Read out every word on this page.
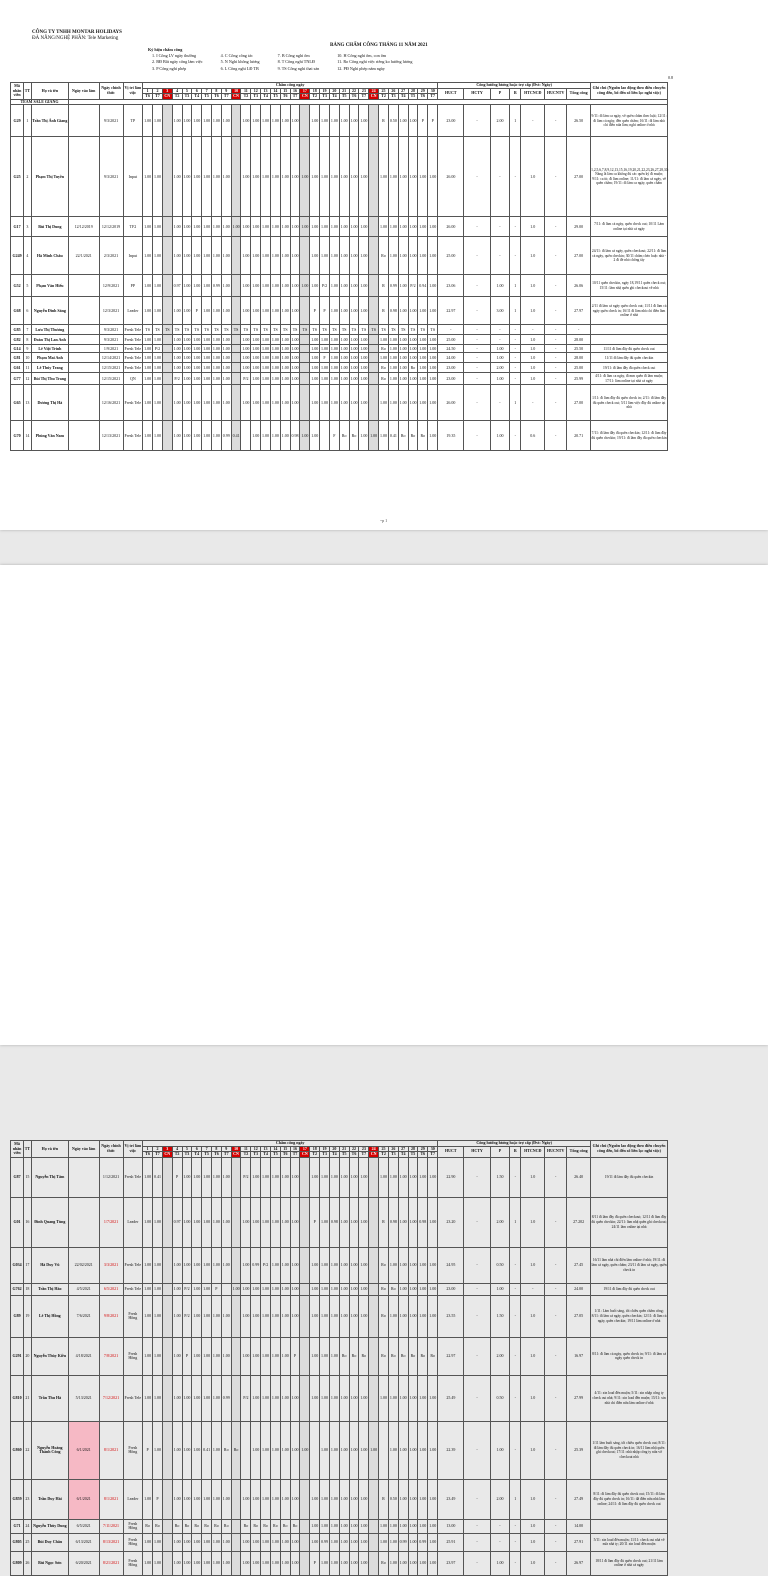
CÔNG TY TNHH MONTAR HOLIDAYS
ĐÀ NẴNG/NGHỆ PHẦN: Tele Marketing
Ký hiệu chấm công
1. I Công LV ngày thường
2. BĐ Bắt ngày công làm việc
3. P Công nghỉ phép
4. C Công công tác
5. N Nghỉ không lương
6. L Công nghỉ LĐ TB
7. B Công nghỉ ốm
8. T Công nghỉ TNLĐ
9. TS Công nghỉ thai sản
10. H Công nghỉ ốm, con ốm
11. Ro Công nghỉ việc riêng ko hưởng lương
12. PĐ Nghỉ phép năm ngày
BẢNG CHẤM CÔNG THÁNG 11 NĂM 2021
0.8
Mã nhân viên	TT	Họ và tên	Ngày vào làm	Ngày chính thức	Vị trí làm việc	Chấm công ngày																														Công hưởng lương hoặc trợ cấp (Đvt: Ngày)							Ghi chú (Nguồn lao động theo điều chuyển công đến, bổ đến số liên lạc nghỉ việc)
						1	2	3	4	5	6	7	8	9	10	11	12	13	14	15	16	17	18	19	20	21	22	23	24	25	26	27	28	29	30	HUCT	HCTY	P	R	HTCNCĐ	HUCNTV	Tổng công	
						T6	T7	CN	T2	T3	T4	T5	T6	T7	CN	T2	T3	T4	T5	T6	T7	CN	T2	T3	T4	T5	T6	T7	CN	T2	T3	T4	T5	T6	T7								
TEAM SALE GIANG																																											
G29	1	Trần Thị Ánh Giang		9/3/2021	TP	1.00	1.00		1.00	1.00	1.00	1.00	1.00	1.00		1.00	1.00	1.00	1.00	1.00	1.00		1.00	1.00	1.00	1.00	1.00	1.00		R	0.50	1.00	1.00	P	P	23.00	-	2.00	1	-	-	26.50	9/11: đi làm ca ngày, về quên chấm theo luật; 12/11: đi làm cả ngày, đến quên chấm; 16/11: đi làm nhà chỉ điền nửa làm; nghỉ online ở nhà
G25	2	Phạm Thị Tuyền		9/3/2021	Input	1.00	1.00		1.00	1.00	1.00	1.00	1.00	1.00		1.00	1.00	1.00	1.00	1.00	1.00	1.00	1.00	1.00	1.00	1.00	1.00	1.00		1.00	1.00	1.00	1.00	1.00	1.00	26.00	-	-	-	1.0	-	27.00	1,2,5,6,7,8,9,12,13,15,16,19,20,21,22,23,26,27,28,30: Nàng là làm ca không đủ các quên ký đi muộn; 9/11: ca ttt; đi làm online; 11/11: đi làm cả ngày, về quên chấm; 19/11: đi làm ca ngày, quên chấm
G17	3	Bùi Thị Dung	12/12/2019	12/12/2019	TF2	1.00	1.00		1.00	1.00	1.00	1.00	1.00	1.00	1.00	1.00	1.00	1.00	1.00	1.00	1.00	1.00	1.00	1.00	1.00	1.00	1.00	1.00		1.00	1.00	1.00	1.00	1.00	1.00	26.00	-	-	-	1.0	-	29.00	7/11: đi làm cả ngày, quên check out; 10/11 Làm online tại nhà cả ngày
G249	4	Hà Minh Châu	22/1/2021	2/3/2021	Input	1.00	1.00		1.00	1.00	1.00	1.00	1.00	1.00		1.00	1.00	1.00	1.00	1.00	1.00		1.00	1.00	1.00	1.00	1.00	1.00		Ro	1.00	1.00	1.00	1.00	1.00	25.00	-	-	-	1.0	-	27.00	24/11: đi làm cả ngày, quên checkout; 22/11: đi làm cả ngày, quên checkin; 30/11 chấm chéo hoặc nhà - 2 đi đẻ nhỏ chống tẩy
G52	5	Phạm Văn Hiếu		12/9/2021	PP	1.00	1.00		0.97	1.00	1.00	1.00	0.99	1.00		1.00	1.00	1.00	1.00	1.00	1.00	1.00	1.00	P/2	1.00	1.00	1.00	1.00		R	0.99	1.00	P/2	0.94	1.00	23.06	-	1.00	1	1.0	-	26.06	10/11 quên checkin, ngày 18,19/11 quên check out; 15/11: làm nhậ quên ghi checkout về nhà
G68	6	Nguyễn Đình Sáng		12/3/2021	Leader	1.00	1.00		1.00	1.00	P	1.00	1.00	1.00		1.00	1.00	1.00	1.00	1.00	1.00		P	P	1.00	1.00	1.00	1.00		R	0.98	1.00	1.00	1.00	1.00	22.97	-	3.00	1	1.0	-	27.97	2/11 đi làm cả ngày quên check out; 11/11 đi làm cả ngày quên check in; 16/11 đi làm nhà chỉ điền làm online ở nhà
G85	7	Lưu Thị Thương		9/3/2021	Fresh Tele	TS	TS	TS	TS	TS	TS	TS	TS	TS	TS	TS	TS	TS	TS	TS	TS	TS	TS	TS	TS	TS	TS	TS	TS	TS	TS	TS	TS	TS	TS	-	-	-	-	-	-	-	
G82	8	Đoàn Thị Lan Anh		9/3/2021	Fresh Tele	1.00	1.00		1.00	1.00	1.00	1.00	1.00	1.00		1.00	1.00	1.00	1.00	1.00	1.00		1.00	1.00	1.00	1.00	1.00	1.00		1.00	1.00	1.00	1.00	1.00	1.00	25.00	-	-	-	1.0	-	28.00	
G14	9	Lê Việt Trinh		1/9/2021	Fresh Tele	1.00	P/2		1.00	1.00	1.00	1.00	1.00	1.00		1.00	1.00	1.00	1.00	1.00	1.00		1.00	1.00	1.00	1.00	1.00	1.00		Ro	1.00	1.00	1.00	1.00	1.00	24.50	-	1.00	-	1.0	-	25.50	11/11 đi làm đầy đủ quên check out
G81	10	Phạm Mai Anh		12/14/2021	Fresh Tele	1.00	1.00		1.00	1.00	1.00	1.00	1.00	1.00		1.00	1.00	1.00	1.00	1.00	1.00		1.00	F	1.00	1.00	1.00	1.00		1.00	1.00	1.00	1.00	1.00	1.00	24.00	-	1.00	-	1.0	-	28.00	11/11 đi làm đầy đủ quên checkin
G61	11	Lê Thúy Trang		12/15/2021	Fresh Tele	1.00	1.00		1.00	1.00	1.00	1.00	1.00	1.00		1.00	1.00	1.00	1.00	1.00	1.00		1.00	1.00	1.00	1.00	1.00	1.00		Ro	1.00	1.00	Ro	1.00	1.00	23.00	-	2.00	-	1.0	-	25.00	19/11: đi làm đầy đủ quên check out
G77	12	Bùi Thị Thu Trang		12/15/2021	QN	1.00	1.00		P/2	1.00	1.00	1.00	1.00	1.00		P/2	1.00	1.00	1.00	1.00	1.00		1.00	1.00	1.00	1.00	1.00	1.00		Ro	1.00	1.00	1.00	1.00	1.00	23.00	-	1.00	-	1.0	-	25.99	4/11: đi làm ca ngày, đi mm quên đi làm muộn; 17/11: làm online tại nhà cả ngày
G65	13	Dương Thị Hà		12/16/2021	Fresh Tele	1.00	1.00		1.00	1.00	1.00	1.00	1.00	1.00		1.00	1.00	1.00	1.00	1.00	1.00		1.00	1.00	1.00	1.00	1.00	1.00		1.00	1.00	1.00	1.00	1.00	1.00	26.00	-	-	1	-	-	27.00	1/11: đi làm đầy đủ quên check in; 2/11: đi làm đầy đủ quên check out; 5/11 làm việc đầy đủ online tại nhà
G70	14	Phùng Văn Nam		12/13/2021	Fresh Tele	1.00	1.00		1.00	1.00	1.00	1.00	1.00	0.99	0.41		1.00	1.00	1.00	1.00	0.98	1.00	1.00		F	Ro	Ro	1.00	1.00	1.00	0.41	Ro	Ro	Ro	1.00	19.35	-	1.00	-	0.6	-	20.71	7/11: đi làm đầy đủ quên checkin; 12/11: đi làm đầy đủ quên checkin; 19/11: đi làm đầy đủ quên checkin
~p 1
Mã nhân viên	TT	Họ và tên	Ngày vào làm	Ngày chính thức	Vị trí làm việc	Chấm công ngày																														Công hưởng lương hoặc trợ cấp (Đvt: Ngày)							Ghi chú (Nguồn lao động theo điều chuyển công đến, bổ đến số liên lạc nghỉ việc)
						1	2	3	4	5	6	7	8	9	10	11	12	13	14	15	16	17	18	19	20	21	22	23	24	25	26	27	28	29	30	HUCT	HCTY	P	R	HTCNCĐ	HUCNTV	Tổng công	
						T6	T7	CN	T2	T3	T4	T5	T6	T7	CN	T2	T3	T4	T5	T6	T7	CN	T2	T3	T4	T5	T6	T7	CN	T2	T3	T4	T5	T6	T7								
G87	15	Nguyễn Thị Tâm		1/12/2021	Fresh Tele	1.00	0.41		P	1.00	1.00	1.00	1.00	1.00		P/2	1.00	1.00	1.00	1.00	1.00		1.00	1.00	1.00	1.00	1.00	1.00		1.00	1.00	1.00	1.00	1.00	1.00	22.90	-	1.50	-	1.0	-	26.40	19/11 đi làm đầy đủ quên checkin
G01	16	Đinh Quang Tùng		1/7/2021	Leader	1.00	1.00		0.97	1.00	1.00	1.00	1.00	1.00		1.00	1.00	1.00	1.00	1.00	1.00		P	1.00	0.98	1.00	1.00	1.00		R	0.98	1.00	1.00	0.98	1.00	23.20	-	2.00	1	1.0	-	27.202	8/11 đi làm đầy đủ quên checkout; 12/11 đi làm đầy đủ quên checkin; 22/11: làm nhậ quên ghi checkout; 24/11 làm online tại nhà
G034	17	Hà Duy Vũ	22/02/2021	3/3/2021	Fresh Tele	1.00	1.00		1.00	1.00	1.00	1.00	1.00	1.00		1.00	0.99	P/2	1.00	1.00	1.00		1.00	1.00	1.00	1.00	1.00	1.00		Ro	1.00	1.00	1.00	1.00	1.00	24.95	-	0.50	-	1.0	-	27.45	16/11 làm nhà chỉ điền làm online ở nhà; 19/11: đi làm cả ngày, quên chấm; 23/11 đi làm cả ngày, quên check in
G762	18	Trần Thị Hào	4/5/2021	6/5/2021	Fresh Tele	1.00	1.00		1.00	P/2	1.00	1.00	P		1.00	1.00	1.00	1.00	1.00	1.00	1.00		1.00	1.00	1.00	1.00	1.00	1.00		Ro	Ro	1.00	1.00	1.00	1.00	23.00	-	1.00	-	-	-	24.00	19/11 đi làm đầy đủ quên check out
G89	19	Lê Thị Hồng	7/6/2021	9/8/2021	Fresh Hồng	1.00	1.00		1.00	P/2	1.00	1.00	1.00	1.00		1.00	1.00	1.00	1.00	1.00	1.00		1.00	1.00	1.00	1.00	1.00	1.00		Ro	1.00	1.00	1.00	1.00	1.00	23.55	-	1.50	-	1.0	-	27.05	1/11: Làm buổi sáng, tối chiều quên chấm công; 8/11: đi làm cả ngày, quên checkin; 12/11: đi làm cả ngày, quên checkin; 19/11 làm online ở nhà
G291	20	Nguyễn Thùy Kiều	4/18/2021	7/8/2021	Fresh Hồng	1.00	1.00		1.00	P	1.00	1.00	1.00	1.00		1.00	1.00	1.00	1.00	1.00	P		1.00	1.00	1.00	Ro	Ro	Ro		Ro	Ro	Ro	Ro	Ro	Ro	22.97	-	2.00	-	1.0	-	16.97	8/11: đi làm cả ngày, quên check in; 9/11: đi làm cả ngày quên check in
G810	21	Trần Thu Hà	5/13/2021	7/12/2021	Fresh Tele	1.00	1.00		1.00	1.00	1.00	1.00	1.00	0.99		P/2	1.00	1.00	1.00	1.00	1.00		1.00	1.00	1.00	1.00	1.00	1.00		1.00	1.00	1.00	1.00	1.00	1.00	25.49	-	0.50	-	1.0	-	27.99	4/11: xin load đến muộn; 5/11: xin nhập công ty check out nhà; 9/11: xin load đến muộn; 15/11: xin nhà chỉ điền nửa làm online ở nhà
G860	22	Nguyễn Hoàng Thành Công	6/1/2021	8/1/2021	Fresh Hồng	P	1.00		1.00	1.00	1.00	0.41	1.00	Ro	Ro		1.00	1.00	1.00	1.00	1.00	1.00		1.00	1.00	1.00	1.00	1.00	1.00		1.00	1.00	1.00	1.00	1.00	22.39	-	1.00	-	1.0	-	25.39	1/11 làm buổi sáng, tối chiều quên check out; 8/11: đi làm đầy đủ quên check in; 16/11 làm nhậ quên ghi checkout; 17/11: nhà nhập công ty nửa vờ checkout nhà
G859	23	Trần Duy Hải	6/1/2021	8/1/2021	Leader	1.00	P		1.00	1.00	1.00	1.00	1.00	1.00		1.00	1.00	1.00	1.00	1.00	1.00		1.00	1.00	1.00	1.00	1.00	1.00		R	0.50	1.00	1.00	1.00	1.00	23.49	-	2.00	1	1.0	-	27.49	8/11: đi làm đầy đủ quên check out; 15/11: đi làm đầy đủ quên check in; 16/11: đã điền nửa nhà làm online; 24/11: đi làm đầy đủ quên check out
G71	24	Nguyễn Thùy Dung	6/5/2021	7/11/2021	Fresh Hồng	Ro	Ro		Ro	Ro	Ro	Ro	Ro	Ro		Ro	Ro	Ro	Ro	Ro	Ro		1.00	1.00	1.00	1.00	1.00	1.00		1.00	1.00	1.00	1.00	1.00	1.00	13.00	-	-	-	1.0	-	14.00	
G805	25	Bùi Duy Châu	6/13/2021	8/13/2021	Fresh Hồng	1.00	1.00		1.00	1.00	1.00	1.00	1.00	1.00		1.00	1.00	1.00	1.00	1.00	1.00		1.00	0.99	1.00	1.00	1.00	1.00		1.00	1.00	0.99	1.00	0.99	1.00	25.91	-	-	-	1.0	-	27.91	5/11: xin load đến muộn; 11/11: check out nhà về nửa nhà ty; 20/11 xin load đến muộn
G809	26	Bùi Ngọc Sơn	6/20/2021	8/21/2021	Fresh Hồng	1.00	1.00		1.00	1.00	1.00	1.00	1.00	1.00		1.00	1.00	1.00	1.00	1.00	1.00		P	1.00	1.00	1.00	1.00	1.00		Ro	1.00	1.00	1.00	1.00	1.00	23.97	-	1.00	-	1.0	-	26.97	18/11 đi làm đầy đủ quên check out; 21/11 làm online ở nhà cả ngày
